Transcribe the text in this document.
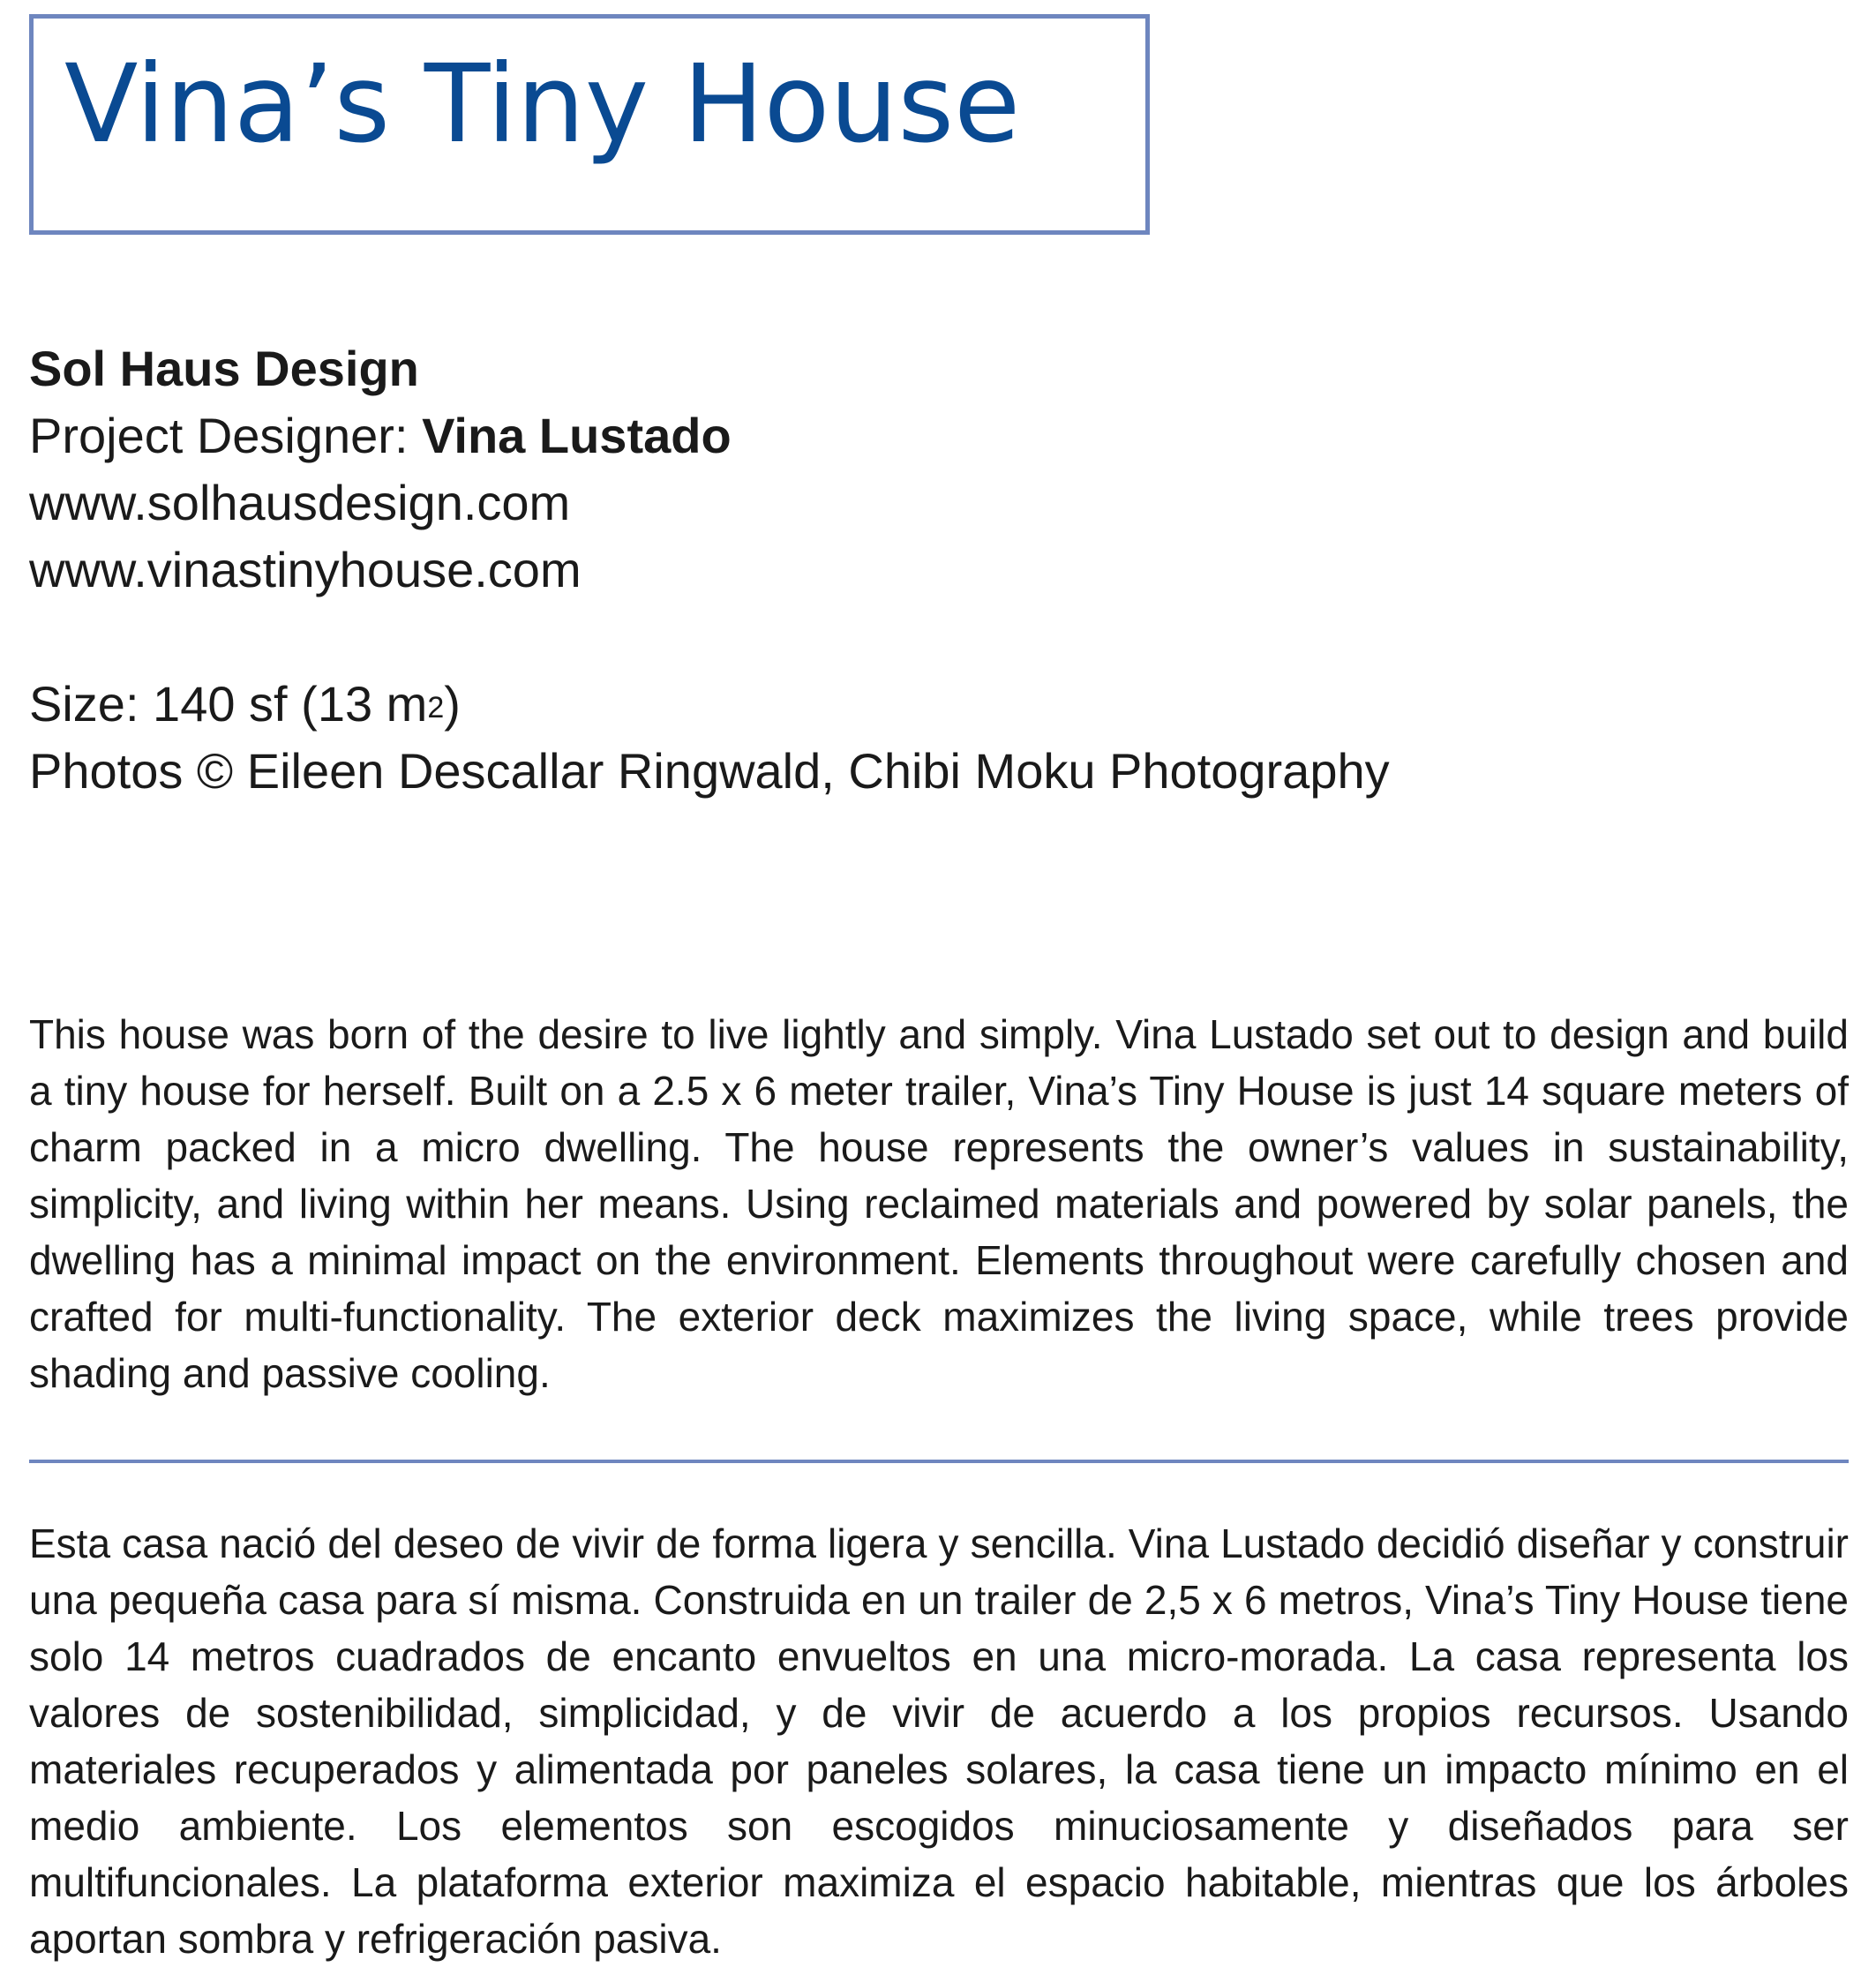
Vina’s Tiny House
Sol Haus Design
Project Designer: Vina Lustado
www.solhausdesign.com
www.vinastinyhouse.com
Size: 140 sf (13 $m^2$)
Photos © Eileen Descallar Ringwald, Chibi Moku Photography

This house was born of the desire to live lightly and simply. Vina Lustado set out to design and build a tiny house for herself. Built on a 2.5 x 6 meter trailer, Vina’s Tiny House is just 14 square meters of charm packed in a micro dwelling. The house represents the owner’s values in sustainability, simplicity, and living within her means. Using reclaimed materials and powered by solar panels, the dwelling has a minimal impact on the environment. Elements throughout were carefully chosen and crafted for multi-functionality. The exterior deck maximizes the living space, while trees provide shading and passive cooling.

Esta casa nació del deseo de vivir de forma ligera y sencilla. Vina Lustado decidió diseñar y construir una pequeña casa para sí misma. Construida en un trailer de 2,5 x 6 metros, Vina’s Tiny House tiene solo 14 metros cuadrados de encanto envueltos en una micro-morada. La casa representa los valores de sostenibilidad, simplicidad, y de vivir de acuerdo a los propios recursos. Usando materiales recuperados y alimentada por paneles solares, la casa tiene un impacto mínimo en el medio ambiente. Los elementos son escogidos minuciosamente y diseñados para ser multifuncionales. La plataforma exterior maximiza el espacio habitable, mientras que los árboles aportan sombra y refrigeración pasiva.
